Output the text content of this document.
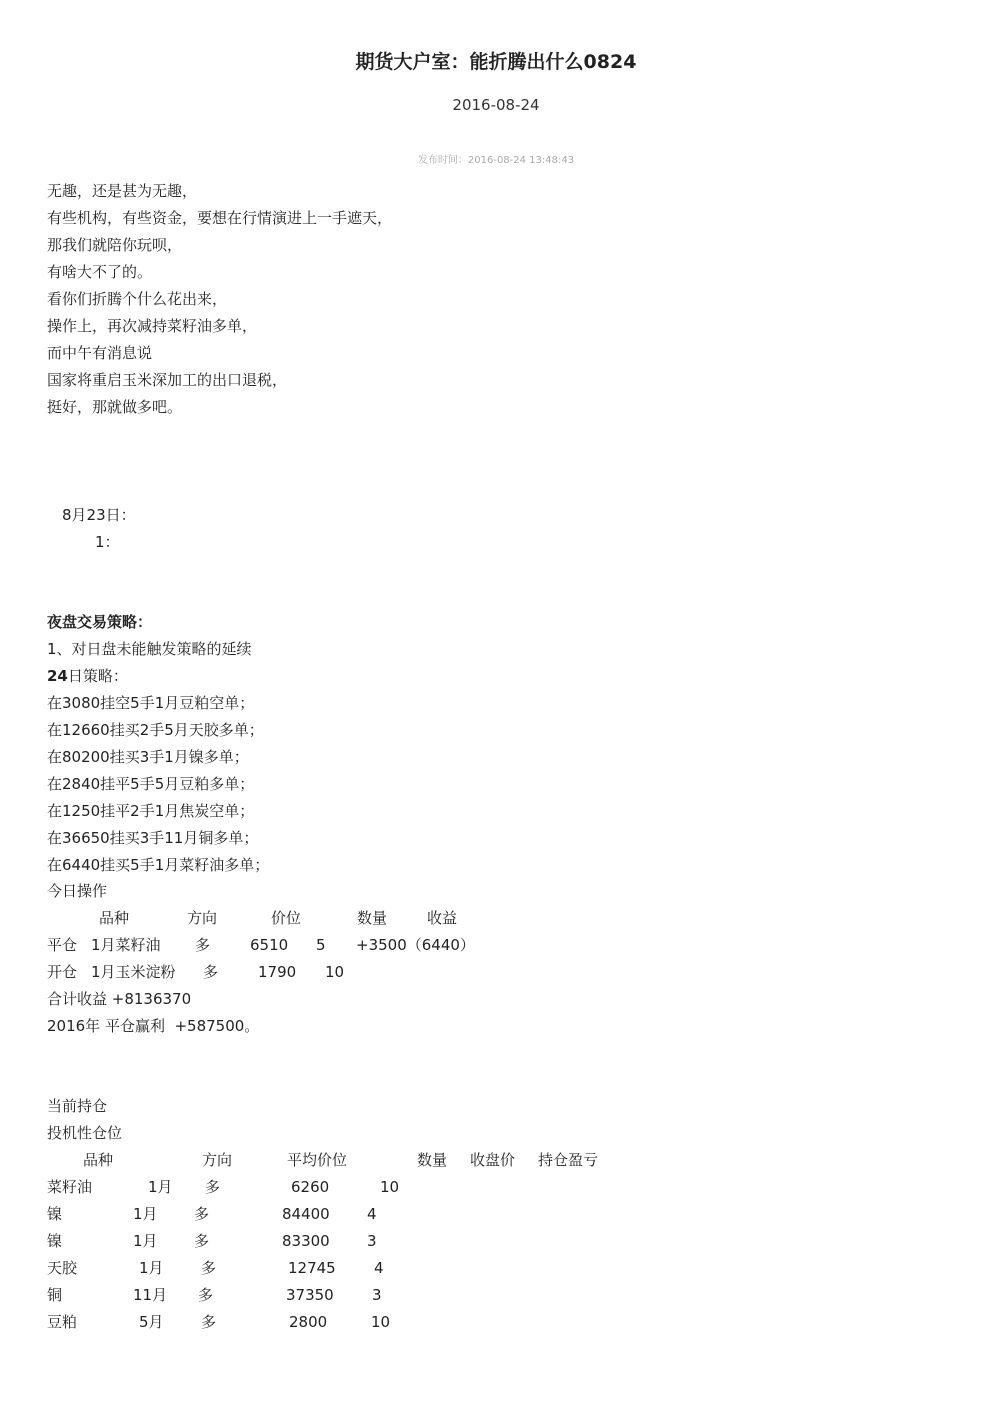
期货大户室：能折腾出什么0824
2016-08-24
发布时间：2016-08-24 13:48:43
无趣，还是甚为无趣，
有些机构，有些资金，要想在行情演进上一手遮天，
那我们就陪你玩呗，
有啥大不了的。
看你们折腾个什么花出来，
操作上，再次减持菜籽油多单，
而中午有消息说
国家将重启玉米深加工的出口退税，
挺好，那就做多吧。
8月23日：
1：
夜盘交易策略：
1、对日盘未能触发策略的延续
24日策略：
在3080挂空5手1月豆粕空单；
在12660挂买2手5月天胶多单；
在80200挂买3手1月镍多单；
在2840挂平5手5月豆粕多单；
在1250挂平2手1月焦炭空单；
在36650挂买3手11月铜多单；
在6440挂买5手1月菜籽油多单；
今日操作
品种	方向	价位	数量	收益
平仓 1月菜籽油 多	6510 5 +3500（6440）
开仓 1月玉米淀粉 多	1790 10
合计收益 +8136370
2016年 平仓赢利  +587500。
当前持仓
投机性仓位
品种	方向	平均价位	数量 收盘价 持仓盈亏
菜籽油	1月 多	6260	10
镍	1月 多	84400 4
镍	1月 多	83300 3
天胶	1月 多	12745	4
铜	11月 多	37350	3
豆粕	5月 多	2800	10
